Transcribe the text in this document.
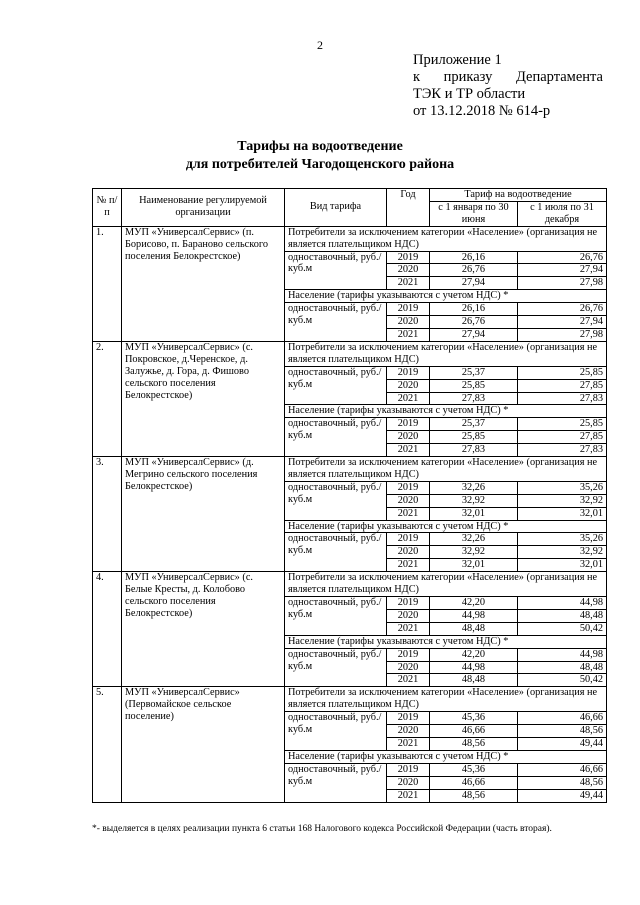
2
Приложение 1
к приказу Департамента
ТЭК и ТР области
от 13.12.2018 № 614-р
Тарифы на водоотведение
для потребителей Чагодощенского района
№ п/п	Наименование регулируемой организации	Вид тарифа	Год	Тариф на водоотведение	
				с 1 января по 30 июня	с 1 июля по 31 декабря
1.	МУП «УниверсалСервис» (п. Борисово, п. Бараново сельского поселения Белокрестское)	Потребители за исключением категории «Население» (организация не является плательщиком НДС)			
		одноставочный, руб./куб.м	2019	26,16	26,76
			2020	26,76	27,94
			2021	27,94	27,98
		Население (тарифы указываются с учетом НДС) *			
		одноставочный, руб./куб.м	2019	26,16	26,76
			2020	26,76	27,94
			2021	27,94	27,98
2.	МУП «УниверсалСервис» (с. Покровское, д.Черенское, д. Залужье, д. Гора, д. Фишово сельского поселения Белокрестское)	Потребители за исключением категории «Население» (организация не является плательщиком НДС)			
		одноставочный, руб./куб.м	2019	25,37	25,85
			2020	25,85	27,85
			2021	27,83	27,83
		Население (тарифы указываются с учетом НДС) *			
		одноставочный, руб./куб.м	2019	25,37	25,85
			2020	25,85	27,85
			2021	27,83	27,83
3.	МУП «УниверсалСервис» (д. Мегрино сельского поселения Белокрестское)	Потребители за исключением категории «Население» (организация не является плательщиком НДС)			
		одноставочный, руб./куб.м	2019	32,26	35,26
			2020	32,92	32,92
			2021	32,01	32,01
		Население (тарифы указываются с учетом НДС) *			
		одноставочный, руб./куб.м	2019	32,26	35,26
			2020	32,92	32,92
			2021	32,01	32,01
4.	МУП «УниверсалСервис» (с. Белые Кресты, д. Колобово сельского поселения Белокрестское)	Потребители за исключением категории «Население» (организация не является плательщиком НДС)			
		одноставочный, руб./куб.м	2019	42,20	44,98
			2020	44,98	48,48
			2021	48,48	50,42
		Население (тарифы указываются с учетом НДС) *			
		одноставочный, руб./куб.м	2019	42,20	44,98
			2020	44,98	48,48
			2021	48,48	50,42
5.	МУП «УниверсалСервис» (Первомайское сельское поселение)	Потребители за исключением категории «Население» (организация не является плательщиком НДС)			
		одноставочный, руб./куб.м	2019	45,36	46,66
			2020	46,66	48,56
			2021	48,56	49,44
		Население (тарифы указываются с учетом НДС) *			
		одноставочный, руб./куб.м	2019	45,36	46,66
			2020	46,66	48,56
			2021	48,56	49,44
*- выделяется в целях реализации пункта 6 статьи 168 Налогового кодекса Российской Федерации (часть вторая).
